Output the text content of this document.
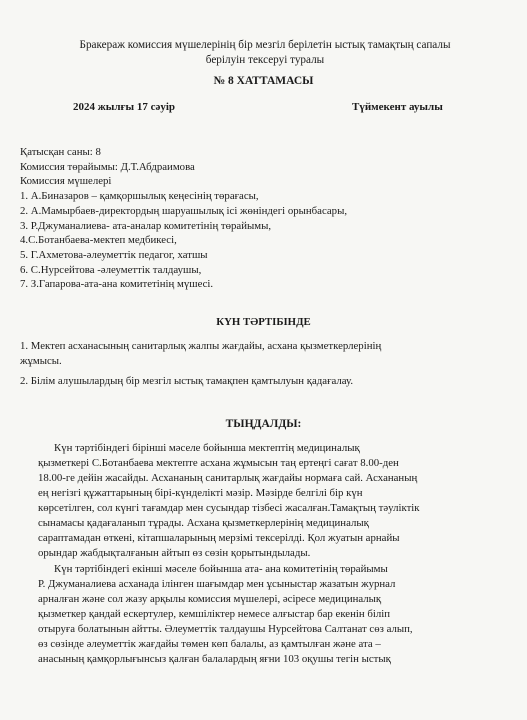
Бракераж комиссия мүшелерінің бір мезгіл берілетін ыстық тамақтың сапалы
берілуін тексеруі туралы
№ 8 ХАТТАМАСЫ
2024 жылғы 17 сәуір	Түймекент ауылы
Қатысқан саны: 8
Комиссия төрайымы: Д.Т.Абдраимова
Комиссия мүшелері
1. А.Биназаров – қамқоршылық кеңесінің төрағасы,
2. А.Мамырбаев-директордың шаруашылық ісі жөніндегі орынбасары,
3. Р.Джуманалиева- ата-аналар комитетінің төрайымы,
4.С.Ботанбаева-мектеп медбикесі,
5. Г.Ахметова-әлеуметтік педагог, хатшы
6. С.Нурсейтова -әлеуметтік талдаушы,
7. З.Гапарова-ата-ана комитетінің мүшесі.
КҮН ТӘРТІБІНДЕ
1. Мектеп асханасының санитарлық жалпы жағдайы, асхана қызметкерлерінің
жұмысы.
2. Білім алушылардың бір мезгіл ыстық тамақпен қамтылуын қадағалау.
ТЫҢДАЛДЫ:
Күн тәртібіндегі бірінші мәселе бойынша мектептің медициналық
қызметкері С.Ботанбаева мектепте асхана жұмысын таң ертеңгі сағат 8.00-ден
18.00-ге дейін жасайды. Асхананың санитарлық жағдайы нормаға сай. Асхананың
ең негізгі құжаттарының бірі-күнделікті мәзір. Мәзірде белгілі бір күн
көрсетілген, сол күнгі тағамдар мен сусындар тізбесі жасалған.Тамақтың тәуліктік
сынамасы қадағаланып тұрады. Асхана қызметкерлерінің медициналық
сараптамадан өткені, кітапшаларының мерзімі тексерілді. Қол жуатын арнайы
орындар жабдықталғанын айтып өз сөзін қорытындылады.
Күн тәртібіндегі екінші мәселе бойынша ата- ана комитетінің төрайымы
Р. Джуманалиева асханада ілінген шағымдар мен ұсыныстар жазатын журнал
арналған және сол жазу арқылы комиссия мүшелері, әсіресе медициналық
қызметкер қандай ескертулер, кемшіліктер немесе алғыстар бар екенін біліп
отыруға болатынын айтты. Әлеуметтік талдаушы Нурсейтова Салтанат сөз алып,
өз сөзінде әлеуметтік жағдайы төмен көп балалы, аз қамтылған және ата –
анасының қамқорлығынсыз қалған балалардың яғни 103 оқушы тегін ыстық
